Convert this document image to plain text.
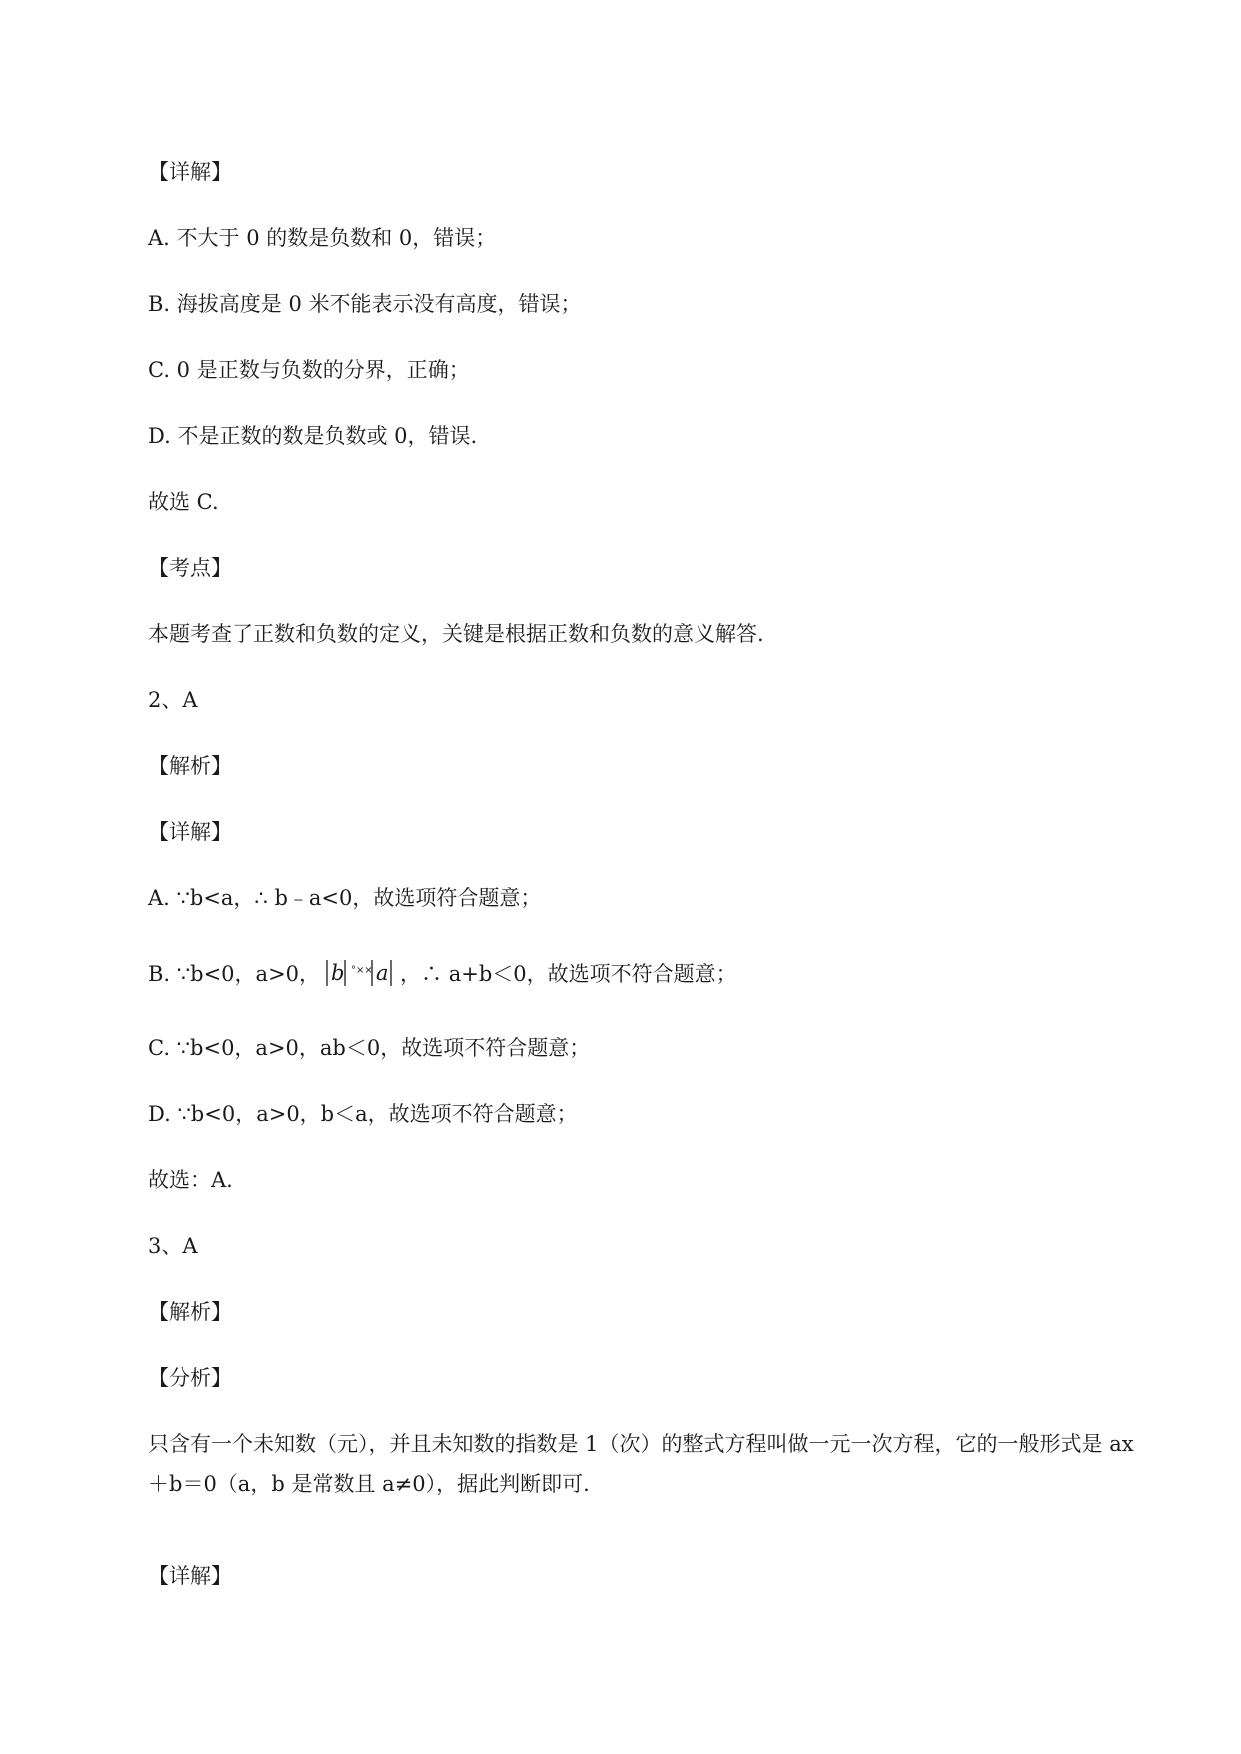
【详解】
A. 不大于 0 的数是负数和 0，错误；
B. 海拔高度是 0 米不能表示没有高度，错误；
C. 0 是正数与负数的分界，正确；
D. 不是正数的数是负数或 0，错误.
故选 C.
【考点】
本题考查了正数和负数的定义，关键是根据正数和负数的意义解答.
2、A
【解析】
【详解】
A. ∵b<a，∴ b﹣a<0，故选项符合题意；
B. ∵b<0，a>0， b °×× a ，∴ a+b＜0，故选项不符合题意；
C. ∵b<0，a>0，ab＜0，故选项不符合题意；
D. ∵b<0，a>0，b＜a，故选项不符合题意；
故选：A.
3、A
【解析】
【分析】
只含有一个未知数（元），并且未知数的指数是 1（次）的整式方程叫做一元一次方程，它的一般形式是 ax＋b＝0（a，b 是常数且 a≠0），据此判断即可.
【详解】
